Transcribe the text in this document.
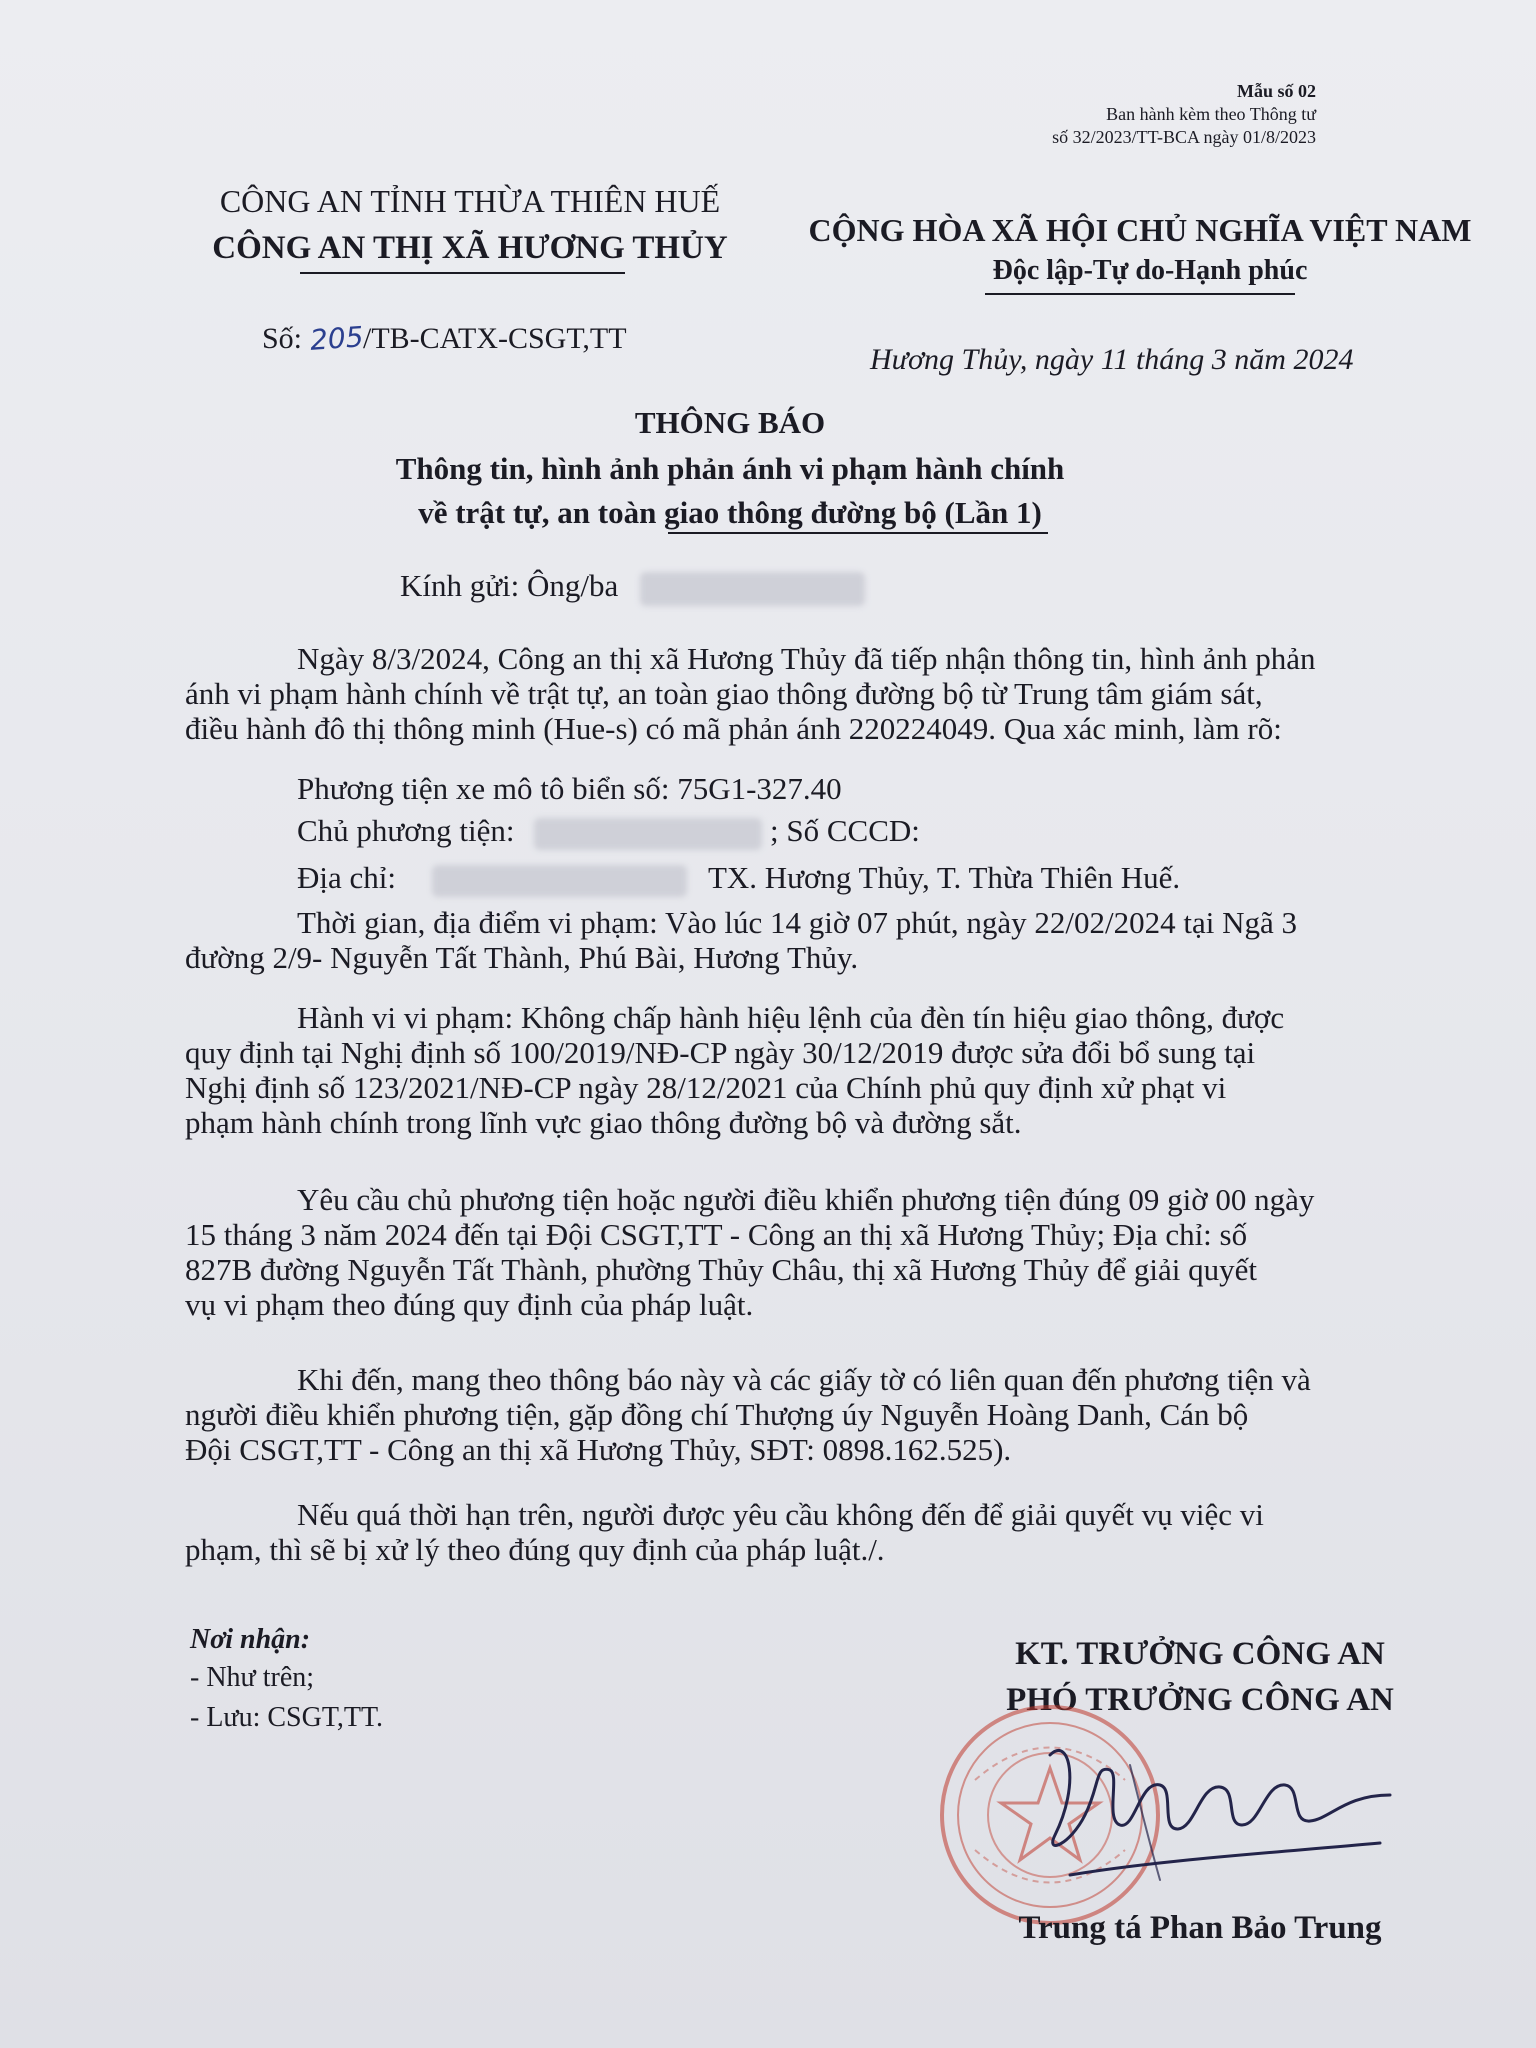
Mẫu số 02
Ban hành kèm theo Thông tư
số 32/2023/TT-BCA ngày 01/8/2023
CÔNG AN TỈNH THỪA THIÊN HUẾ
CÔNG AN THỊ XÃ HƯƠNG THỦY	CỘNG HÒA XÃ HỘI CHỦ NGHĨA VIỆT NAM
Độc lập-Tự do-Hạnh phúc
Số: 205/TB-CATX-CSGT,TT
Hương Thủy, ngày 11 tháng 3 năm 2024
THÔNG BÁO
Thông tin, hình ảnh phản ánh vi phạm hành chính
về trật tự, an toàn giao thông đường bộ (Lần 1)
Kính gửi: Ông/ba

Ngày 8/3/2024, Công an thị xã Hương Thủy đã tiếp nhận thông tin, hình ảnh phản

ánh vi phạm hành chính về trật tự, an toàn giao thông đường bộ từ Trung tâm giám sát,

điều hành đô thị thông minh (Hue-s) có mã phản ánh 220224049. Qua xác minh, làm rõ:

Phương tiện xe mô tô biển số: 75G1-327.40
Chủ phương tiện:	; Số CCCD:
Địa chỉ:	TX. Hương Thủy, T. Thừa Thiên Huế.

Thời gian, địa điểm vi phạm: Vào lúc 14 giờ 07 phút, ngày 22/02/2024 tại Ngã 3

đường 2/9- Nguyễn Tất Thành, Phú Bài, Hương Thủy.

Hành vi vi phạm: Không chấp hành hiệu lệnh của đèn tín hiệu giao thông, được

quy định tại Nghị định số 100/2019/NĐ-CP ngày 30/12/2019 được sửa đổi bổ sung tại

Nghị định số 123/2021/NĐ-CP ngày 28/12/2021 của Chính phủ quy định xử phạt vi

phạm hành chính trong lĩnh vực giao thông đường bộ và đường sắt.

Yêu cầu chủ phương tiện hoặc người điều khiển phương tiện đúng 09 giờ 00 ngày

15 tháng 3 năm 2024 đến tại Đội CSGT,TT - Công an thị xã Hương Thủy; Địa chỉ: số

827B đường Nguyễn Tất Thành, phường Thủy Châu, thị xã Hương Thủy để giải quyết

vụ vi phạm theo đúng quy định của pháp luật.

Khi đến, mang theo thông báo này và các giấy tờ có liên quan đến phương tiện và

người điều khiển phương tiện, gặp đồng chí Thượng úy Nguyễn Hoàng Danh, Cán bộ

Đội CSGT,TT - Công an thị xã Hương Thủy, SĐT: 0898.162.525).

Nếu quá thời hạn trên, người được yêu cầu không đến để giải quyết vụ việc vi

phạm, thì sẽ bị xử lý theo đúng quy định của pháp luật./.

Nơi nhận:
- Như trên;
- Lưu: CSGT,TT.
KT. TRƯỞNG CÔNG AN
PHÓ TRƯỞNG CÔNG AN
Trung tá Phan Bảo Trung
